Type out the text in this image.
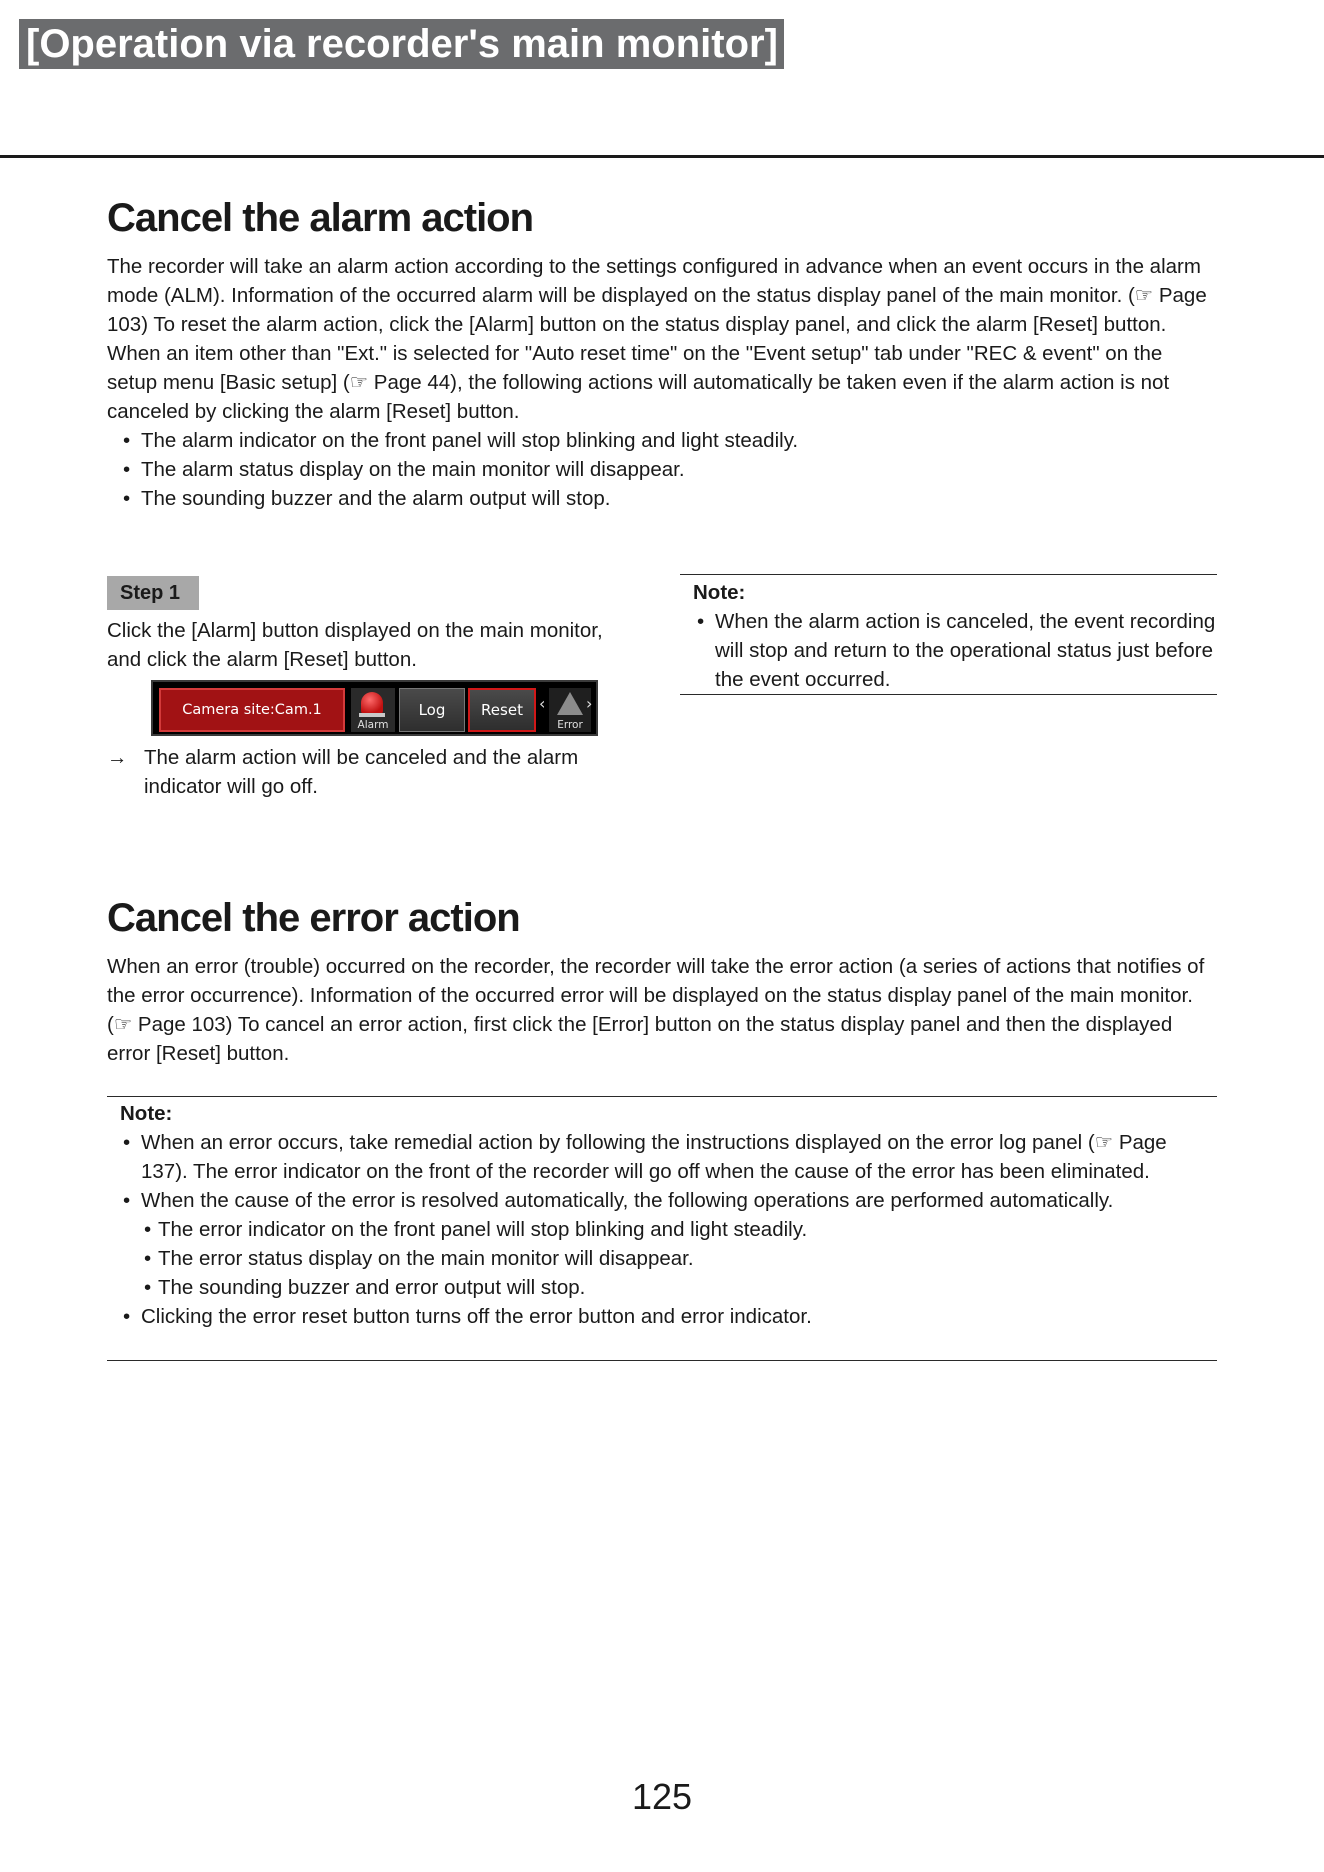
[Operation via recorder's main monitor]
Cancel the alarm action

The recorder will take an alarm action according to the settings configured in advance when an event occurs in the alarm mode (ALM). Information of the occurred alarm will be displayed on the status display panel of the main monitor. (☞ Page 103) To reset the alarm action, click the [Alarm] button on the status display panel, and click the alarm [Reset] button.

When an item other than "Ext." is selected for "Auto reset time" on the "Event setup" tab under "REC & event" on the setup menu [Basic setup] (☞ Page 44), the following actions will automatically be taken even if the alarm action is not canceled by clicking the alarm [Reset] button.

• The alarm indicator on the front panel will stop blinking and light steadily.
• The alarm status display on the main monitor will disappear.
• The sounding buzzer and the alarm output will stop.
Step 1
Click the [Alarm] button displayed on the main monitor, and click the alarm [Reset] button.
Camera site:Cam.1
Alarm
Log	Reset	‹
Error
›
→ The alarm action will be canceled and the alarm indicator will go off.
Note:
• When the alarm action is canceled, the event recording will stop and return to the operational status just before the event occurred.
Cancel the error action
When an error (trouble) occurred on the recorder, the recorder will take the error action (a series of actions that notifies of the error occurrence). Information of the occurred error will be displayed on the status display panel of the main monitor. (☞ Page 103) To cancel an error action, first click the [Error] button on the status display panel and then the displayed error [Reset] button.
Note:
• When an error occurs, take remedial action by following the instructions displayed on the error log panel (☞ Page 137). The error indicator on the front of the recorder will go off when the cause of the error has been eliminated.
• When the cause of the error is resolved automatically, the following operations are performed automatically.
• The error indicator on the front panel will stop blinking and light steadily.
• The error status display on the main monitor will disappear.
• The sounding buzzer and error output will stop.
• Clicking the error reset button turns off the error button and error indicator.
125
